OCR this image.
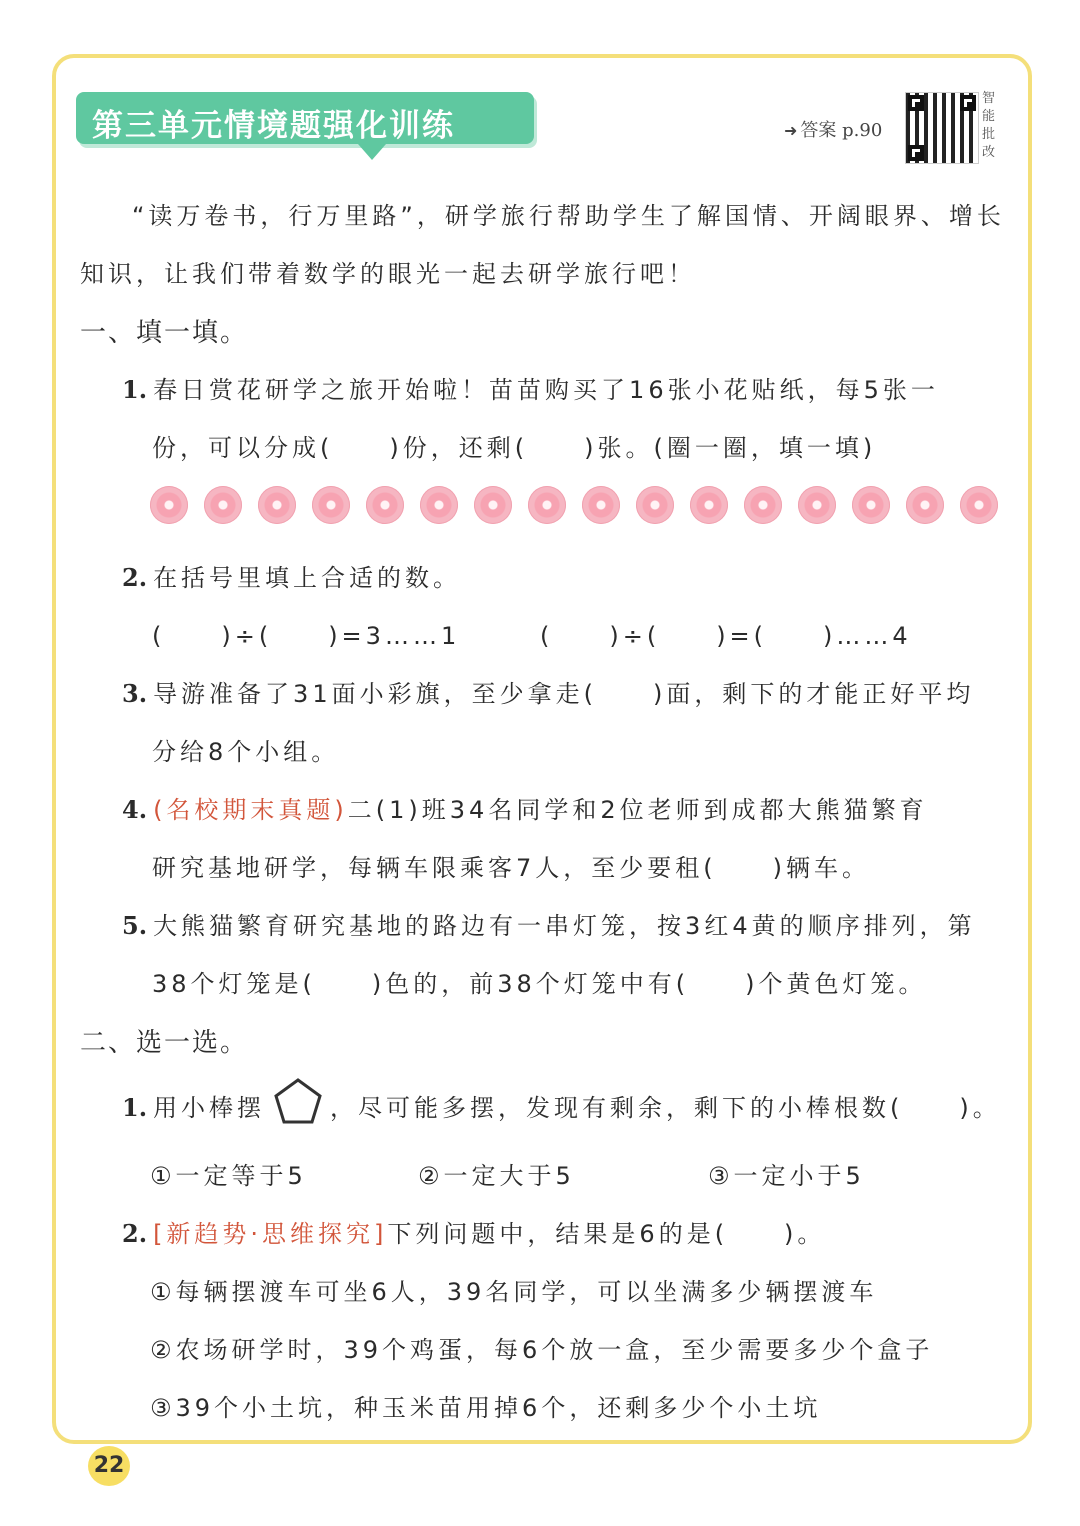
第三单元情境题强化训练	➜ 答案 p.90
智能批改
“读万卷书，行万里路”，研学旅行帮助学生了解国情、开阔眼界、增长
知识，让我们带着数学的眼光一起去研学旅行吧！
一、填一填。
1. 春日赏花研学之旅开始啦！苗苗购买了16张小花贴纸，每5张一
份，可以分成(　　)份，还剩(　　)张。(圈一圈，填一填)
2. 在括号里填上合适的数。
(　　)÷(　　)=3……1	(　　)÷(　　)=(　　)……4
3. 导游准备了31面小彩旗，至少拿走(　　)面，剩下的才能正好平均
分给8个小组。
4. (名校期末真题)二(1)班34名同学和2位老师到成都大熊猫繁育
研究基地研学，每辆车限乘客7人，至少要租(　　)辆车。
5. 大熊猫繁育研究基地的路边有一串灯笼，按3红4黄的顺序排列，第
38个灯笼是(　　)色的，前38个灯笼中有(　　)个黄色灯笼。
二、选一选。
1. 用小棒摆	，尽可能多摆，发现有剩余，剩下的小棒根数(　　)。
①一定等于5	②一定大于5	③一定小于5
2. [新趋势·思维探究]下列问题中，结果是6的是(　　)。
①每辆摆渡车可坐6人，39名同学，可以坐满多少辆摆渡车
②农场研学时，39个鸡蛋，每6个放一盒，至少需要多少个盒子
③39个小土坑，种玉米苗用掉6个，还剩多少个小土坑
22
